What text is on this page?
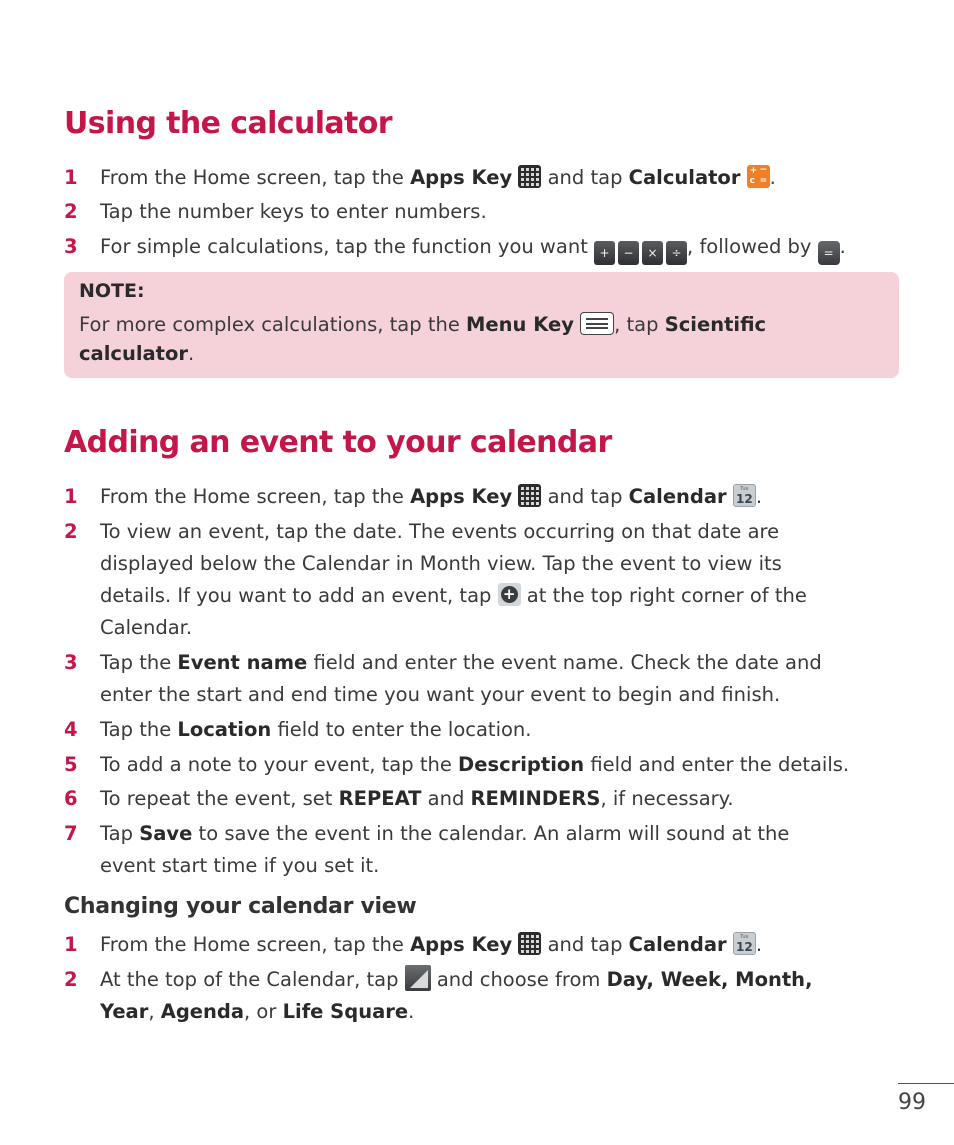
Using the calculator
1	From the Home screen, tap the Apps Key
and tap Calculator + −
c = .
2	Tap the number keys to enter numbers.
3	For simple calculations, tap the function you want + − × ÷ , followed by = .
NOTE:
For more complex calculations, tap the Menu Key , tap Scientific calculator.
Adding an event to your calendar
1	From the Home screen, tap the Apps Key
and tap Calendar	Tue
12 .
2	To view an event, tap the date. The events occurring on that date are
displayed below the Calendar in Month view. Tap the event to view its
details. If you want to add an event, tap + at the top right corner of the
Calendar.
3	Tap the Event name field and enter the event name. Check the date and
enter the start and end time you want your event to begin and finish.
4	Tap the Location field to enter the location.
5	To add a note to your event, tap the Description field and enter the details.
6	To repeat the event, set REPEAT and REMINDERS, if necessary.
7	Tap Save to save the event in the calendar. An alarm will sound at the
event start time if you set it.
Changing your calendar view
1	From the Home screen, tap the Apps Key
and tap Calendar	Tue
12 .
2	At the top of the Calendar, tap
and choose from Day, Week, Month,
Year, Agenda, or Life Square.
99
